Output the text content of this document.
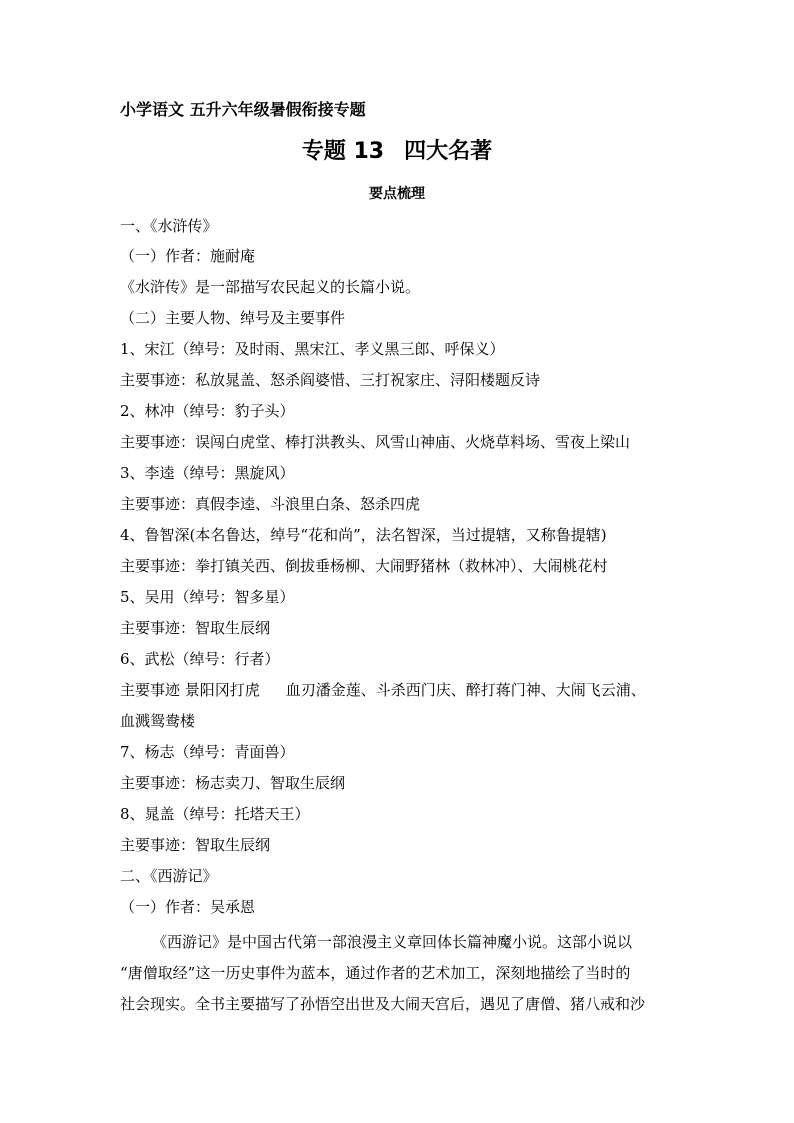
小学语文 五升六年级暑假衔接专题
专题 13 四大名著
要点梳理
一、《水浒传》
（一）作者：施耐庵
《水浒传》是一部描写农民起义的长篇小说。
（二）主要人物、绰号及主要事件
1、宋江（绰号：及时雨、黑宋江、孝义黑三郎、呼保义）
主要事迹：私放晁盖、怒杀阎婆惜、三打祝家庄、浔阳楼题反诗
2、林冲（绰号：豹子头）
主要事迹：误闯白虎堂、棒打洪教头、风雪山神庙、火烧草料场、雪夜上梁山
3、李逵（绰号：黑旋风）
主要事迹：真假李逵、斗浪里白条、怒杀四虎
4、鲁智深(本名鲁达，绰号“花和尚”，法名智深，当过提辖，又称鲁提辖)
主要事迹：拳打镇关西、倒拔垂杨柳、大闹野猪林（救林冲）、大闹桃花村
5、吴用（绰号：智多星）
主要事迹：智取生辰纲
6、武松（绰号：行者）
主要事迹 景阳冈打虎 血刃潘金莲、斗杀西门庆、醉打蒋门神、大闹飞云浦、
血溅鸳鸯楼
7、杨志（绰号：青面兽）
主要事迹：杨志卖刀、智取生辰纲
8、晁盖（绰号：托塔天王）
主要事迹：智取生辰纲
二、《西游记》
（一）作者：吴承恩
《西游记》是中国古代第一部浪漫主义章回体长篇神魔小说。这部小说以
“唐僧取经”这一历史事件为蓝本，通过作者的艺术加工，深刻地描绘了当时的
社会现实。全书主要描写了孙悟空出世及大闹天宫后，遇见了唐僧、猪八戒和沙
